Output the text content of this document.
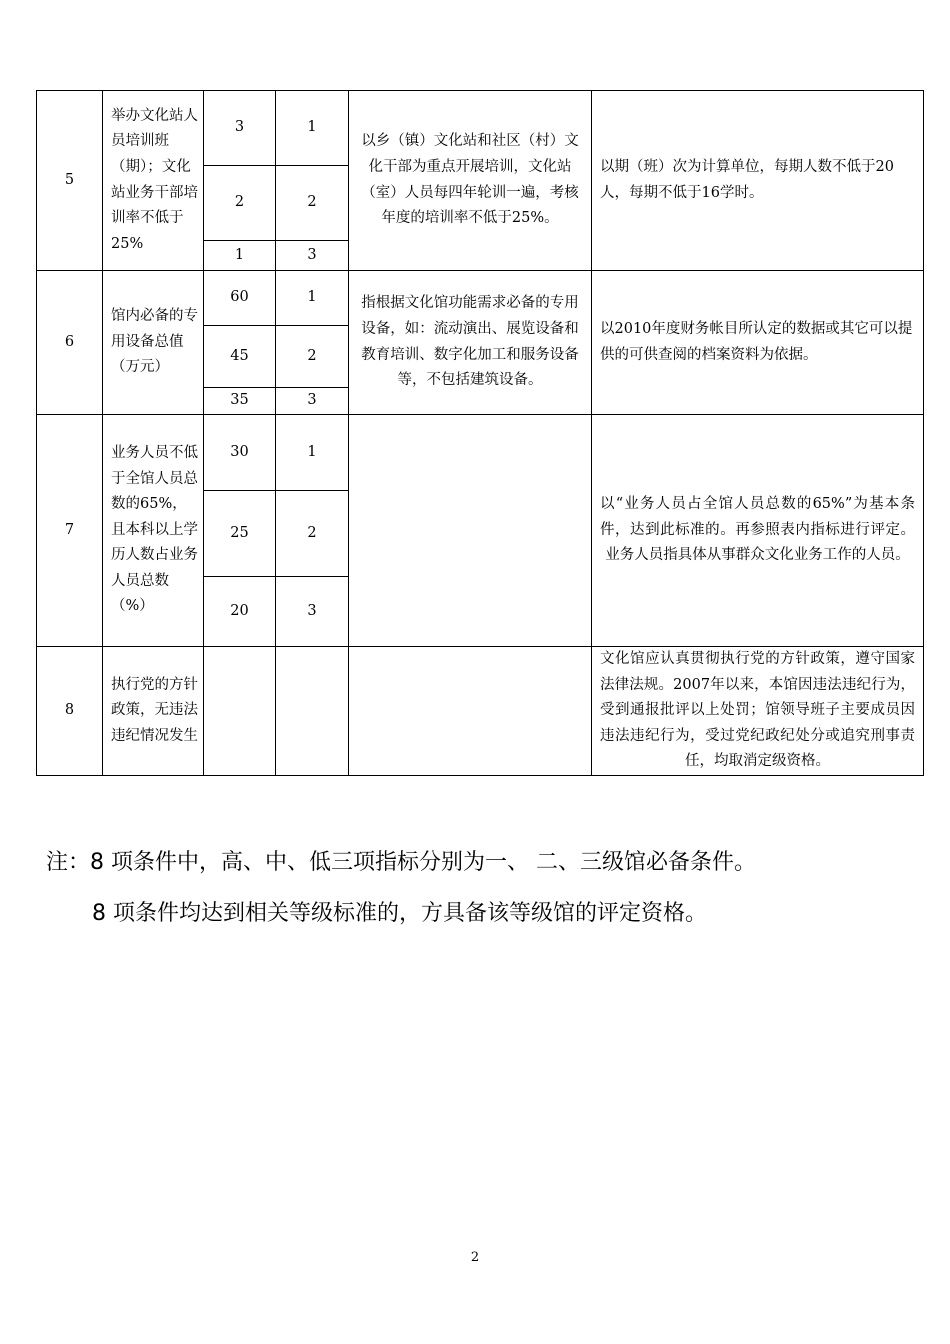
5	举办文化站人员培训班（期）；文化站业务干部培训率不低于25%	3	1	以乡（镇）文化站和社区（村）文化干部为重点开展培训，文化站（室）人员每四年轮训一遍，考核年度的培训率不低于25%。	以期（班）次为计算单位，每期人数不低于20人，每期不低于16学时。
		2	2		
		1	3		
6	馆内必备的专用设备总值（万元）	60	1	指根据文化馆功能需求必备的专用设备，如：流动演出、展览设备和教育培训、数字化加工和服务设备等，不包括建筑设备。	以2010年度财务帐目所认定的数据或其它可以提供的可供查阅的档案资料为依据。
		45	2		
		35	3		
7	业务人员不低于全馆人员总数的65%，且本科以上学历人数占业务人员总数（%）	30	1		以“业务人员占全馆人员总数的65%”为基本条件，达到此标准的。再参照表内指标进行评定。业务人员指具体从事群众文化业务工作的人员。
		25	2		
		20	3		
8	执行党的方针政策，无违法违纪情况发生				文化馆应认真贯彻执行党的方针政策，遵守国家法律法规。2007年以来，本馆因违法违纪行为，受到通报批评以上处罚；馆领导班子主要成员因违法违纪行为，受过党纪政纪处分或追究刑事责任，均取消定级资格。
注：8 项条件中，高、中、低三项指标分别为一、 二、三级馆必备条件。
8 项条件均达到相关等级标准的，方具备该等级馆的评定资格。
2
